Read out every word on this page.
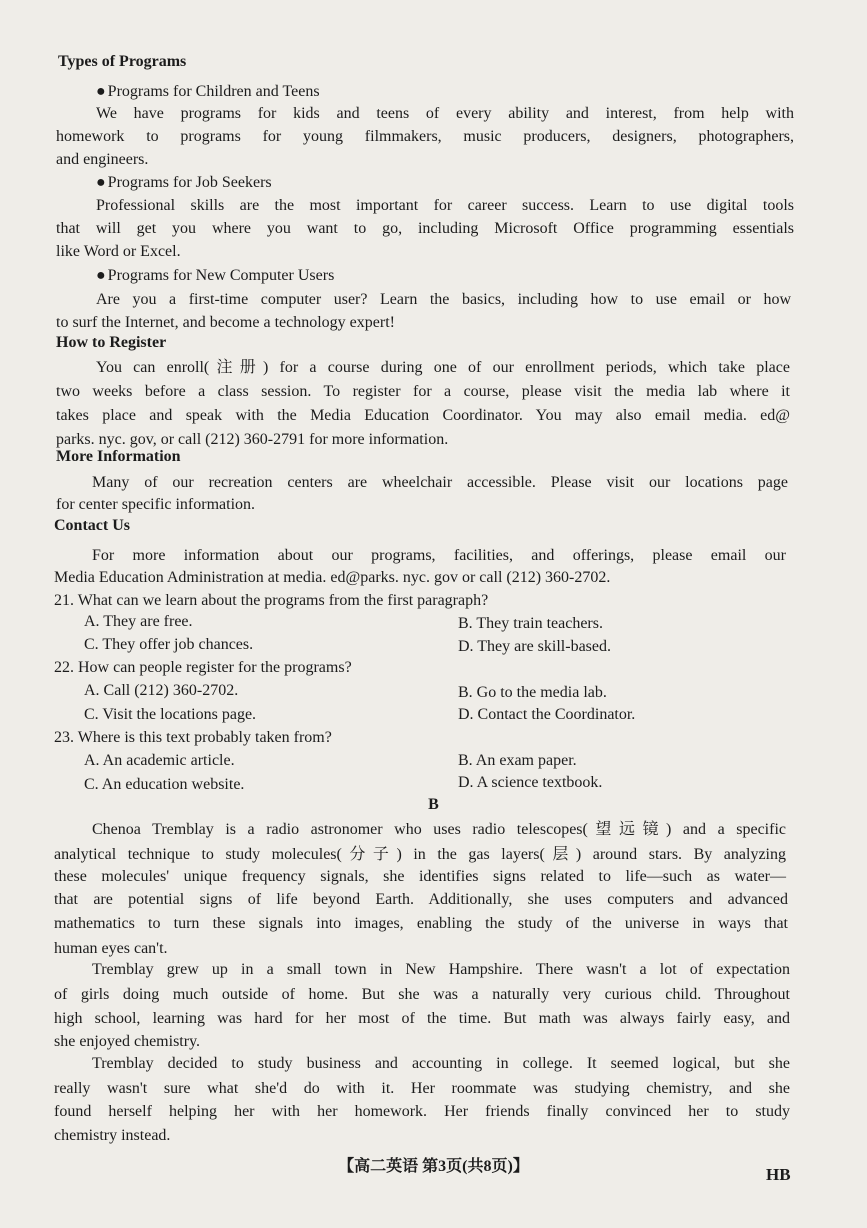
Types of Programs
● Programs for Children and Teens
We have programs for kids and teens of every ability and interest, from help with
homework to programs for young filmmakers, music producers, designers, photographers,
and engineers.
● Programs for Job Seekers
Professional skills are the most important for career success. Learn to use digital tools
that will get you where you want to go, including Microsoft Office programming essentials
like Word or Excel.
● Programs for New Computer Users
Are you a first-time computer user? Learn the basics, including how to use email or how
to surf the Internet, and become a technology expert!
How to Register
You can enroll(注册) for a course during one of our enrollment periods, which take place
two weeks before a class session. To register for a course, please visit the media lab where it
takes place and speak with the Media Education Coordinator. You may also email media. ed@
parks. nyc. gov, or call (212) 360-2791 for more information.
More Information
Many of our recreation centers are wheelchair accessible. Please visit our locations page
for center specific information.
Contact Us
For more information about our programs, facilities, and offerings, please email our
Media Education Administration at media. ed@parks. nyc. gov or call (212) 360-2702.
21. What can we learn about the programs from the first paragraph?
A. They are free.	B. They train teachers.
C. They offer job chances.	D. They are skill-based.
22. How can people register for the programs?
A. Call (212) 360-2702.	B. Go to the media lab.
C. Visit the locations page.	D. Contact the Coordinator.
23. Where is this text probably taken from?
A. An academic article.	B. An exam paper.
C. An education website.	D. A science textbook.
B
Chenoa Tremblay is a radio astronomer who uses radio telescopes(望远镜) and a specific
analytical technique to study molecules(分子) in the gas layers(层) around stars. By analyzing
these molecules' unique frequency signals, she identifies signs related to life—such as water—
that are potential signs of life beyond Earth. Additionally, she uses computers and advanced
mathematics to turn these signals into images, enabling the study of the universe in ways that
human eyes can't.
Tremblay grew up in a small town in New Hampshire. There wasn't a lot of expectation
of girls doing much outside of home. But she was a naturally very curious child. Throughout
high school, learning was hard for her most of the time. But math was always fairly easy, and
she enjoyed chemistry.
Tremblay decided to study business and accounting in college. It seemed logical, but she
really wasn't sure what she'd do with it. Her roommate was studying chemistry, and she
found herself helping her with her homework. Her friends finally convinced her to study
chemistry instead.
【高二英语 第3页(共8页)】	HB
